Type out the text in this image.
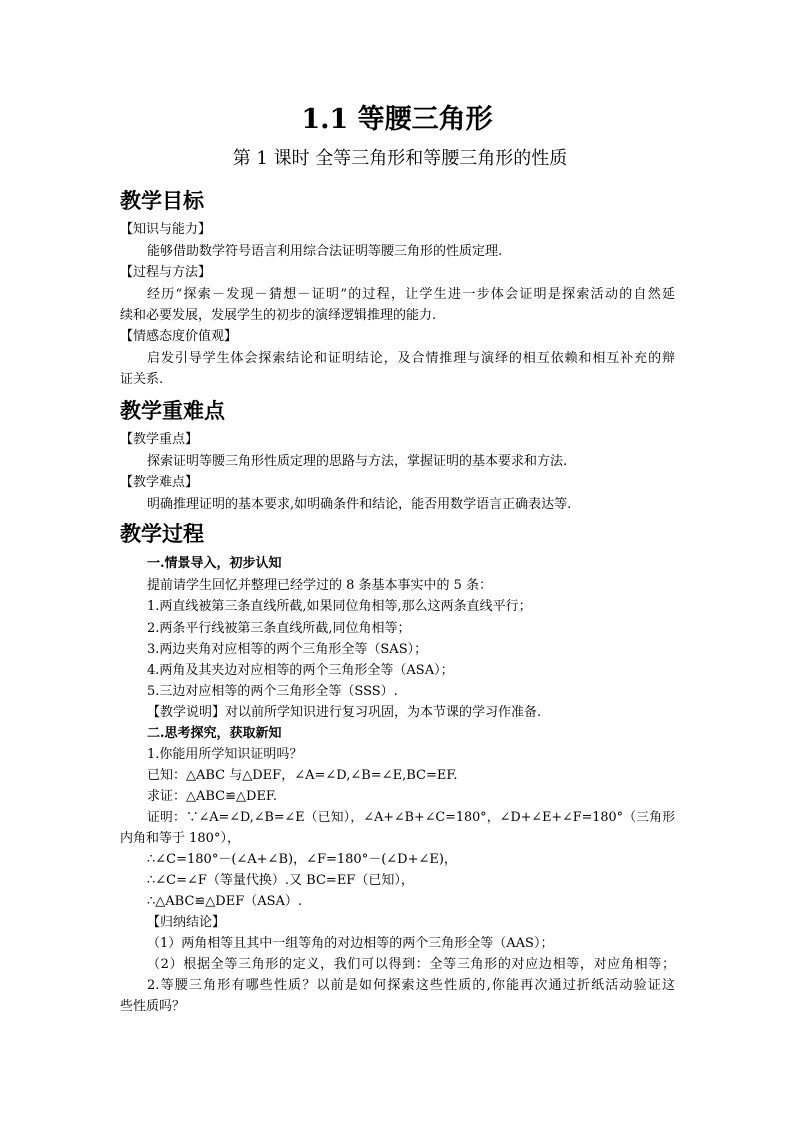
1.1 等腰三角形
第 1 课时 全等三角形和等腰三角形的性质
教学目标
【知识与能力】
能够借助数学符号语言利用综合法证明等腰三角形的性质定理.
【过程与方法】
经历“探索－发现－猜想－证明”的过程，让学生进一步体会证明是探索活动的自然延
续和必要发展，发展学生的初步的演绎逻辑推理的能力.
【情感态度价值观】
启发引导学生体会探索结论和证明结论，及合情推理与演绎的相互依赖和相互补充的辩
证关系.
教学重难点
【教学重点】
探索证明等腰三角形性质定理的思路与方法，掌握证明的基本要求和方法.
【教学难点】
明确推理证明的基本要求,如明确条件和结论，能否用数学语言正确表达等.
教学过程
一.情景导入，初步认知
提前请学生回忆并整理已经学过的 8 条基本事实中的 5 条：
1.两直线被第三条直线所截,如果同位角相等,那么这两条直线平行；
2.两条平行线被第三条直线所截,同位角相等；
3.两边夹角对应相等的两个三角形全等（SAS）；
4.两角及其夹边对应相等的两个三角形全等（ASA）；
5.三边对应相等的两个三角形全等（SSS）.
【教学说明】对以前所学知识进行复习巩固，为本节课的学习作准备.
二.思考探究，获取新知
1.你能用所学知识证明吗？
已知：△ABC 与△DEF，∠A=∠D,∠B=∠E,BC=EF.
求证：△ABC≌△DEF.
证明：∵∠A=∠D,∠B=∠E（已知），∠A+∠B+∠C=180°，∠D+∠E+∠F=180°（三角形
内角和等于 180°），
∴∠C=180°－(∠A+∠B)，∠F=180°－(∠D+∠E)，
∴∠C=∠F（等量代换）.又 BC=EF（已知），
∴△ABC≌△DEF（ASA）.
【归纳结论】
（1）两角相等且其中一组等角的对边相等的两个三角形全等（AAS）；
（2）根据全等三角形的定义，我们可以得到：全等三角形的对应边相等，对应角相等；
2.等腰三角形有哪些性质？以前是如何探索这些性质的,你能再次通过折纸活动验证这
些性质吗？
